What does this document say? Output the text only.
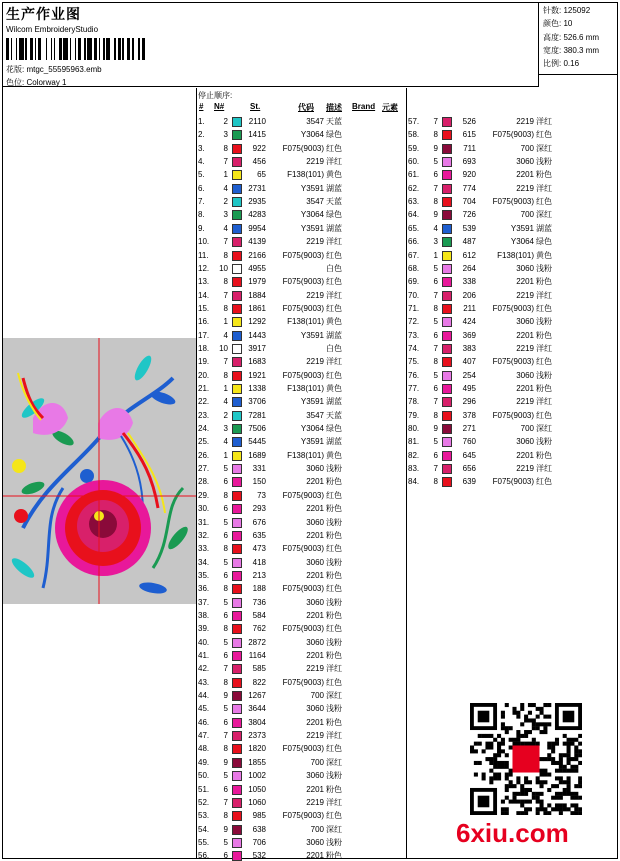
生产作业图
Wilcom EmbroideryStudio
花版: mtgc_55595963.emb
色位: Colorway 1
针数: 125092
颜色: 10
高度: 526.6 mm
宽度: 380.3 mm
比例: 0.16
停止顺序:
# N#	St.	代码 描述 Brand 元素
1.	2	2110	3547 天蓝
2.	3	1415	Y3064 绿色
3.	8	922	F075(9003) 红色
4.	7	456	2219 洋红
5.	1	65	F138(101) 黄色
6.	4	2731	Y3591 湖蓝
7.	2	2935	3547 天蓝
8.	3	4283	Y3064 绿色
9.	4	9954	Y3591 湖蓝
10.	7	4139	2219 洋红
11.	8	2166	F075(9003) 红色
12.	10	4955	白色
13.	8	1979	F075(9003) 红色
14.	7	1884	2219 洋红
15.	8	1861	F075(9003) 红色
16.	1	1292	F138(101) 黄色
17.	4	1443	Y3591 湖蓝
18.	10	3917	白色
19.	7	1683	2219 洋红
20.	8	1921	F075(9003) 红色
21.	1	1338	F138(101) 黄色
22.	4	3706	Y3591 湖蓝
23.	2	7281	3547 天蓝
24.	3	7506	Y3064 绿色
25.	4	5445	Y3591 湖蓝
26.	1	1689	F138(101) 黄色
27.	5	331	3060 浅粉
28.	6	150	2201 粉色
29.	8	73	F075(9003) 红色
30.	6	293	2201 粉色
31.	5	676	3060 浅粉
32.	6	635	2201 粉色
33.	8	473	F075(9003) 红色
34.	5	418	3060 浅粉
35.	6	213	2201 粉色
36.	8	188	F075(9003) 红色
37.	5	736	3060 浅粉
38.	6	584	2201 粉色
39.	8	762	F075(9003) 红色
40.	5	2872	3060 浅粉
41.	6	1164	2201 粉色
42.	7	585	2219 洋红
43.	8	822	F075(9003) 红色
44.	9	1267	700 深红
45.	5	3644	3060 浅粉
46.	6	3804	2201 粉色
47.	7	2373	2219 洋红
48.	8	1820	F075(9003) 红色
49.	9	1855	700 深红
50.	5	1002	3060 浅粉
51.	6	1050	2201 粉色
52.	7	1060	2219 洋红
53.	8	985	F075(9003) 红色
54.	9	638	700 深红
55.	5	706	3060 浅粉
56.	6	532	2201 粉色
57.	7	526	2219 洋红
58.	8	615	F075(9003) 红色
59.	9	711	700 深红
60.	5	693	3060 浅粉
61.	6	920	2201 粉色
62.	7	774	2219 洋红
63.	8	704	F075(9003) 红色
64.	9	726	700 深红
65.	4	539	Y3591 湖蓝
66.	3	487	Y3064 绿色
67.	1	612	F138(101) 黄色
68.	5	264	3060 浅粉
69.	6	338	2201 粉色
70.	7	206	2219 洋红
71.	8	211	F075(9003) 红色
72.	5	424	3060 浅粉
73.	6	369	2201 粉色
74.	7	383	2219 洋红
75.	8	407	F075(9003) 红色
76.	5	254	3060 浅粉
77.	6	495	2201 粉色
78.	7	296	2219 洋红
79.	8	378	F075(9003) 红色
80.	9	271	700 深红
81.	5	760	3060 浅粉
82.	6	645	2201 粉色
83.	7	656	2219 洋红
84.	8	639	F075(9003) 红色
6xiu.com
